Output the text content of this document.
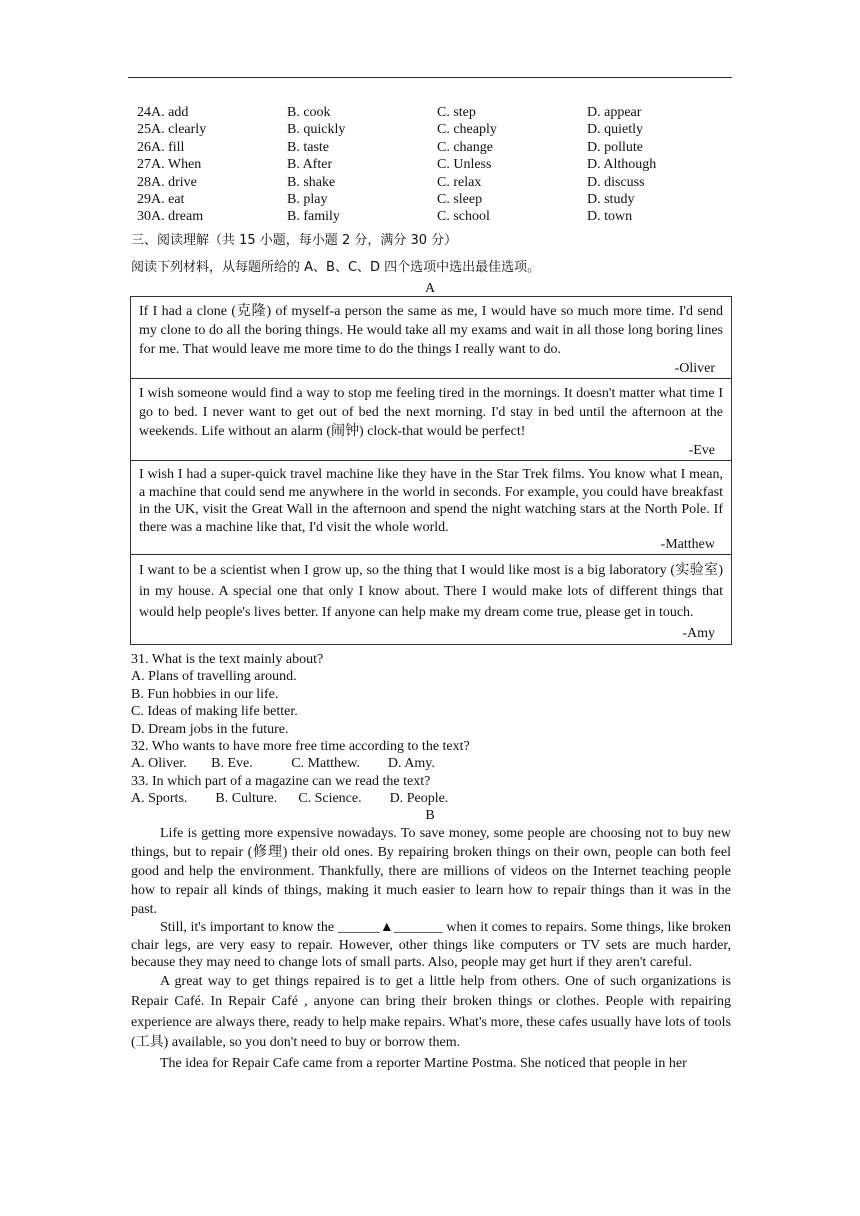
24A. add	B. cook	C. step	D. appear
25A. clearly	B. quickly	C. cheaply	D. quietly
26A. fill	B. taste	C. change	D. pollute
27A. When	B. After	C. Unless	D. Although
28A. drive	B. shake	C. relax	D. discuss
29A. eat	B. play	C. sleep	D. study
30A. dream	B. family	C. school	D. town
三、阅读理解（共 15 小题，每小题 2 分，满分 30 分）
阅读下列材料，从每题所给的 A、B、C、D 四个选项中选出最佳选项。
A

If I had a clone (克隆) of myself-a person the same as me, I would have so much more time. I'd send my clone to do all the boring things. He would take all my exams and wait in all those long boring lines for me. That would leave me more time to do the things I really want to do.

-Oliver

I wish someone would find a way to stop me feeling tired in the mornings. It doesn't matter what time I go to bed. I never want to get out of bed the next morning. I'd stay in bed until the afternoon at the weekends. Life without an alarm (闹钟) clock-that would be perfect!

-Eve

I wish I had a super-quick travel machine like they have in the Star Trek films. You know what I mean, a machine that could send me anywhere in the world in seconds. For example, you could have breakfast in the UK, visit the Great Wall in the afternoon and spend the night watching stars at the North Pole. If there was a machine like that, I'd visit the whole world.

-Matthew

I want to be a scientist when I grow up, so the thing that I would like most is a big laboratory (实验室) in my house. A special one that only I know about. There I would make lots of different things that would help people's lives better. If anyone can help make my dream come true, please get in touch.

-Amy
31. What is the text mainly about?
A. Plans of travelling around.
B. Fun hobbies in our life.
C. Ideas of making life better.
D. Dream jobs in the future.
32. Who wants to have more free time according to the text?
A. Oliver.       B. Eve.           C. Matthew.        D. Amy.
33. In which part of a magazine can we read the text?
A. Sports.        B. Culture.      C. Science.        D. People.
B

Life is getting more expensive nowadays. To save money, some people are choosing not to buy new things, but to repair (修理) their old ones. By repairing broken things on their own, people can both feel good and help the environment. Thankfully, there are millions of videos on the Internet teaching people how to repair all kinds of things, making it much easier to learn how to repair things than it was in the past.

Still, it's important to know the ______▲_______ when it comes to repairs. Some things, like broken chair legs, are very easy to repair. However, other things like computers or TV sets are much harder, because they may need to change lots of small parts. Also, people may get hurt if they aren't careful.

A great way to get things repaired is to get a little help from others. One of such organizations is Repair Café. In Repair Café , anyone can bring their broken things or clothes. People with repairing experience are always there, ready to help make repairs. What's more, these cafes usually have lots of tools (工具) available, so you don't need to buy or borrow them.

The idea for Repair Cafe came from a reporter Martine Postma. She noticed that people in her
